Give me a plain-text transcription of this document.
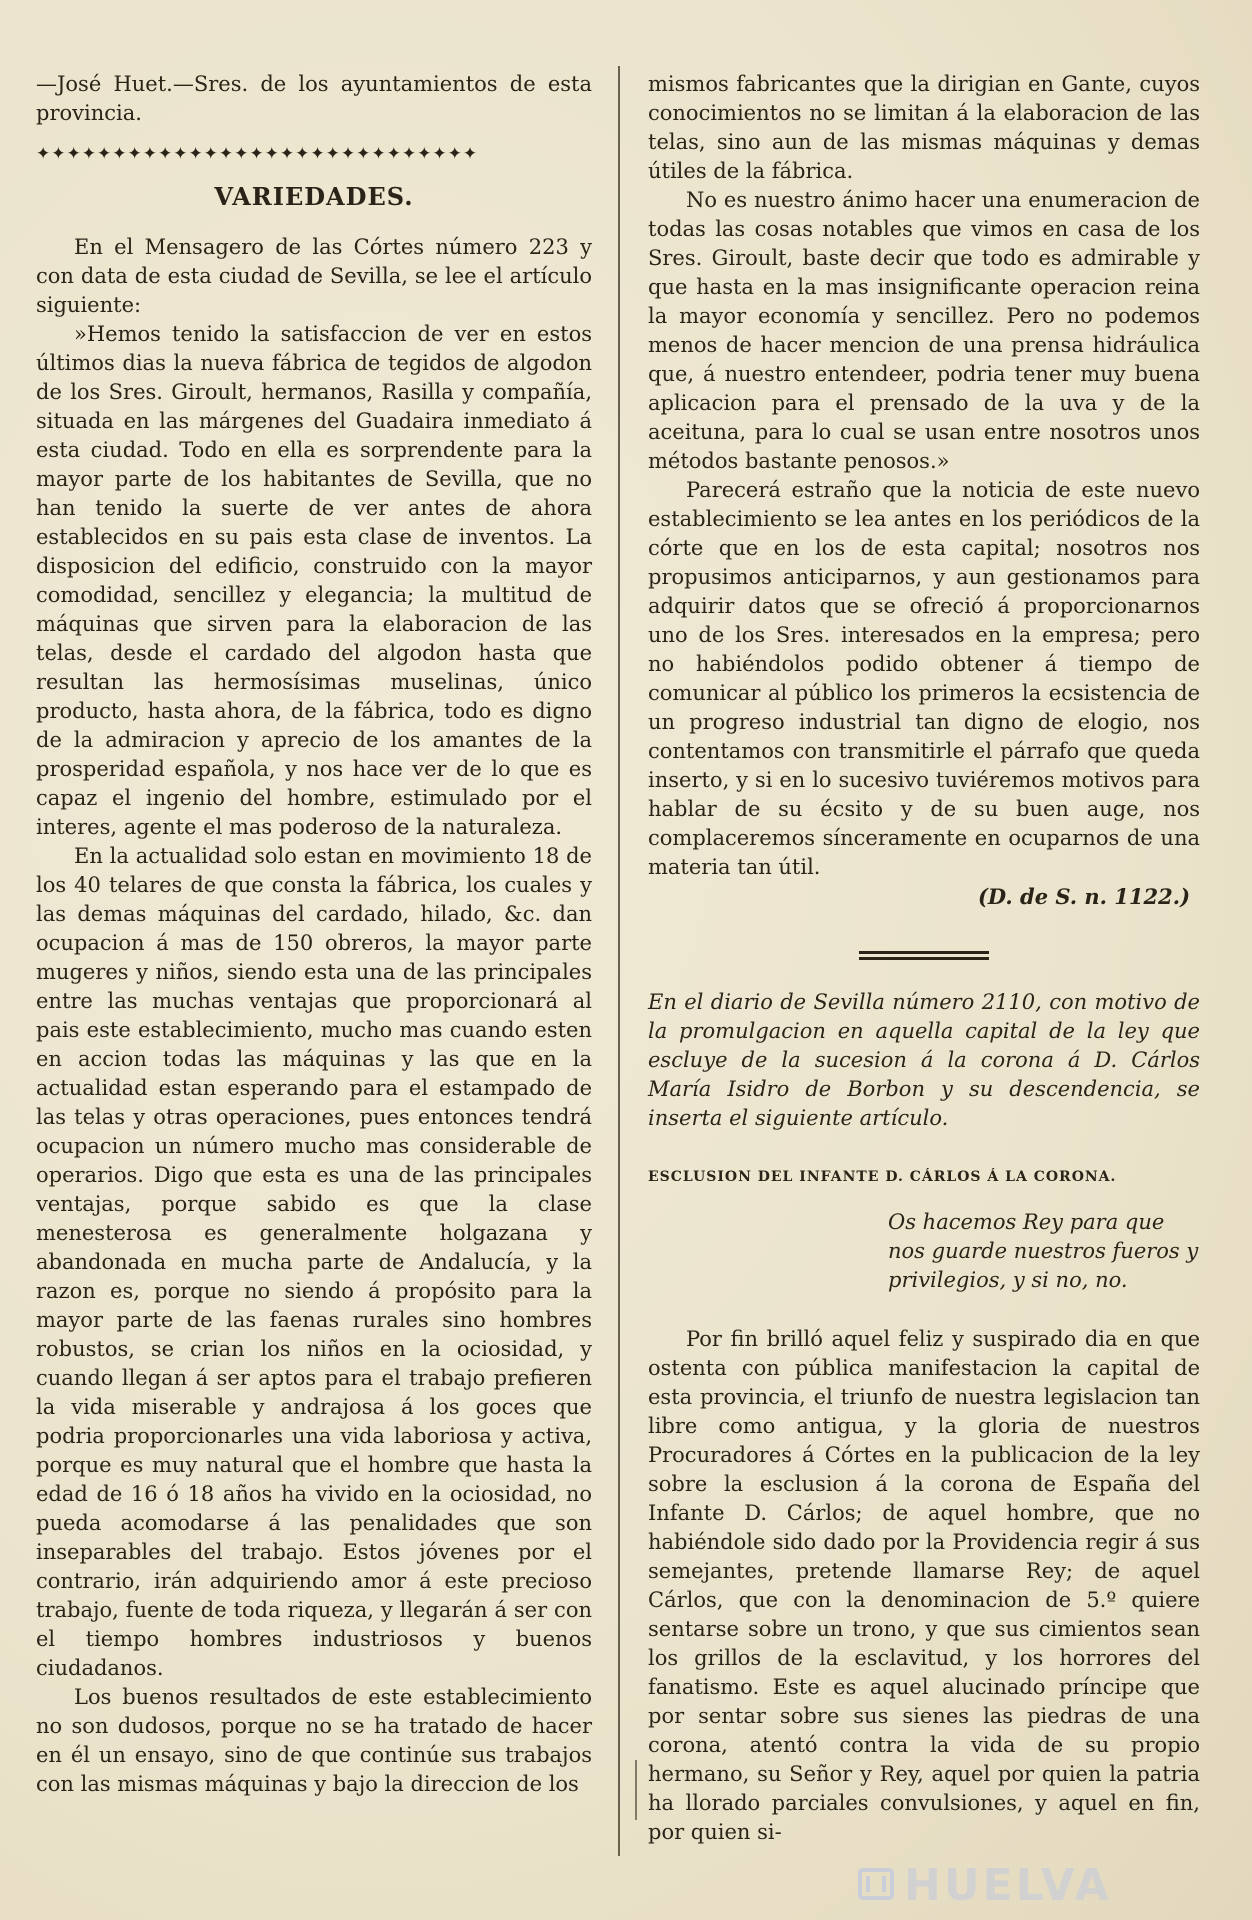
—José Huet.—Sres. de los ayuntamientos de esta provincia.

✦✦✦✦✦✦✦✦✦✦✦✦✦✦✦✦✦✦✦✦✦✦✦✦✦✦✦✦✦
VARIEDADES.

En el Mensagero de las Córtes número 223 y con data de esta ciudad de Sevilla, se lee el artículo siguiente:

»Hemos tenido la satisfaccion de ver en estos últimos dias la nueva fábrica de tegidos de algodon de los Sres. Giroult, hermanos, Rasilla y compañía, situada en las márgenes del Guadaira inmediato á esta ciudad. Todo en ella es sorprendente para la mayor parte de los habitantes de Sevilla, que no han tenido la suerte de ver antes de ahora establecidos en su pais esta clase de inventos. La disposicion del edificio, construido con la mayor comodidad, sencillez y elegancia; la multitud de máquinas que sirven para la elaboracion de las telas, desde el cardado del algodon hasta que resultan las hermosísimas muselinas, único producto, hasta ahora, de la fábrica, todo es digno de la admiracion y aprecio de los amantes de la prosperidad española, y nos hace ver de lo que es capaz el ingenio del hombre, estimulado por el interes, agente el mas poderoso de la naturaleza.

En la actualidad solo estan en movimiento 18 de los 40 telares de que consta la fábrica, los cuales y las demas máquinas del cardado, hilado, &c. dan ocupacion á mas de 150 obreros, la mayor parte mugeres y niños, siendo esta una de las principales entre las muchas ventajas que proporcionará al pais este establecimiento, mucho mas cuando esten en accion todas las máquinas y las que en la actualidad estan esperando para el estampado de las telas y otras operaciones, pues entonces tendrá ocupacion un número mucho mas considerable de operarios. Digo que esta es una de las principales ventajas, porque sabido es que la clase menesterosa es generalmente holgazana y abandonada en mucha parte de Andalucía, y la razon es, porque no siendo á propósito para la mayor parte de las faenas rurales sino hombres robustos, se crian los niños en la ociosidad, y cuando llegan á ser aptos para el trabajo prefieren la vida miserable y andrajosa á los goces que podria proporcionarles una vida laboriosa y activa, porque es muy natural que el hombre que hasta la edad de 16 ó 18 años ha vivido en la ociosidad, no pueda acomodarse á las penalidades que son inseparables del trabajo. Estos jóvenes por el contrario, irán adquiriendo amor á este precioso trabajo, fuente de toda riqueza, y llegarán á ser con el tiempo hombres industriosos y buenos ciudadanos.

Los buenos resultados de este establecimiento no son dudosos, porque no se ha tratado de hacer en él un ensayo, sino de que continúe sus trabajos con las mismas máquinas y bajo la direccion de los

mismos fabricantes que la dirigian en Gante, cuyos conocimientos no se limitan á la elaboracion de las telas, sino aun de las mismas máquinas y demas útiles de la fábrica.

No es nuestro ánimo hacer una enumeracion de todas las cosas notables que vimos en casa de los Sres. Giroult, baste decir que todo es admirable y que hasta en la mas insignificante operacion reina la mayor economía y sencillez. Pero no podemos menos de hacer mencion de una prensa hidráulica que, á nuestro entendeer, podria tener muy buena aplicacion para el prensado de la uva y de la aceituna, para lo cual se usan entre nosotros unos métodos bastante penosos.»

Parecerá estraño que la noticia de este nuevo establecimiento se lea antes en los periódicos de la córte que en los de esta capital; nosotros nos propusimos anticiparnos, y aun gestionamos para adquirir datos que se ofreció á proporcionarnos uno de los Sres. interesados en la empresa; pero no habiéndolos podido obtener á tiempo de comunicar al público los primeros la ecsistencia de un progreso industrial tan digno de elogio, nos contentamos con transmitirle el párrafo que queda inserto, y si en lo sucesivo tuviéremos motivos para hablar de su écsito y de su buen auge, nos complaceremos sínceramente en ocuparnos de una materia tan útil.

(D. de S. n. 1122.)

En el diario de Sevilla número 2110, con motivo de la promulgacion en aquella capital de la ley que escluye de la sucesion á la corona á D. Cárlos María Isidro de Borbon y su descendencia, se inserta el siguiente artículo.

ESCLUSION DEL INFANTE D. CÁRLOS Á LA CORONA.

Os hacemos Rey para que nos guarde nuestros fueros y privilegios, y si no, no.

Por fin brilló aquel feliz y suspirado dia en que ostenta con pública manifestacion la capital de esta provincia, el triunfo de nuestra legislacion tan libre como antigua, y la gloria de nuestros Procuradores á Córtes en la publicacion de la ley sobre la esclusion á la corona de España del Infante D. Cárlos; de aquel hombre, que no habiéndole sido dado por la Providencia regir á sus semejantes, pretende llamarse Rey; de aquel Cárlos, que con la denominacion de 5.º quiere sentarse sobre un trono, y que sus cimientos sean los grillos de la esclavitud, y los horrores del fanatismo. Este es aquel alucinado príncipe que por sentar sobre sus sienes las piedras de una corona, atentó contra la vida de su propio hermano, su Señor y Rey, aquel por quien la patria ha llorado parciales convulsiones, y aquel en fin, por quien si-

HUELVA
